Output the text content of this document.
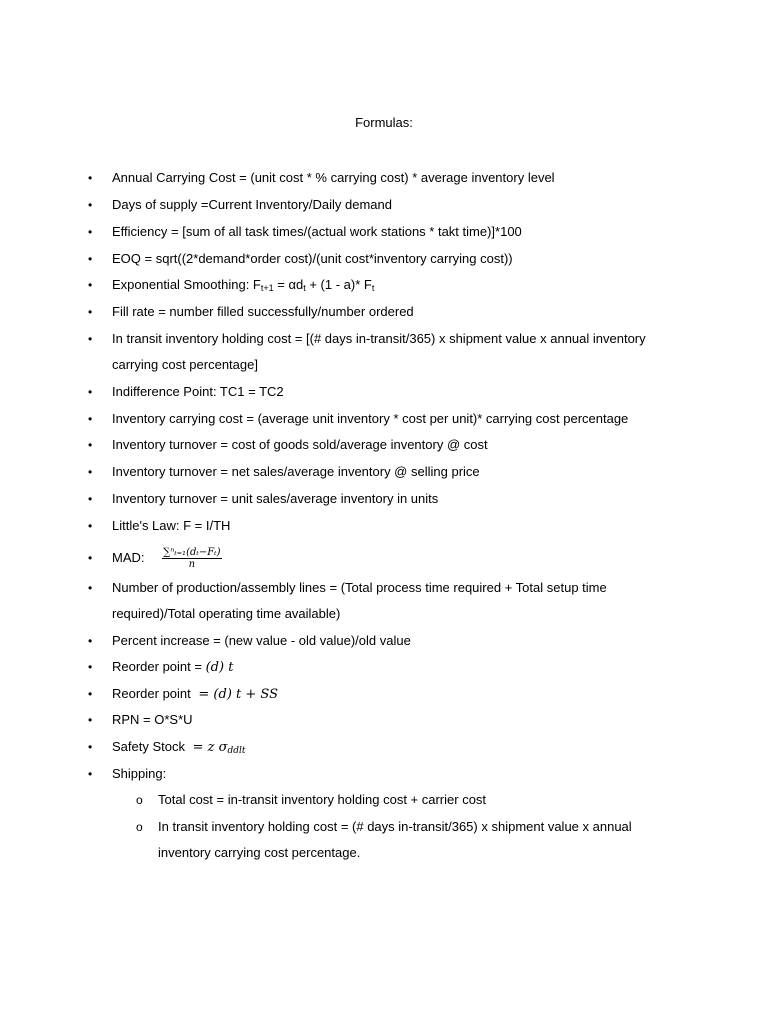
Formulas:
•	Annual Carrying Cost = (unit cost * % carrying cost) * average inventory level
•	Days of supply =Current Inventory/Daily demand
•	Efficiency = [sum of all task times/(actual work stations * takt time)]*100
•	EOQ = sqrt((2*demand*order cost)/(unit cost*inventory carrying cost))
•	Exponential Smoothing: $F_{t+1} = \alpha d_t + (1 - a)*$ $F_t$
•	Fill rate = number filled successfully/number ordered
•	In transit inventory holding cost = [(# days in-transit/365) x shipment value x annual inventory
carrying cost percentage]
•	Indifference Point: TC1 = TC2
•	Inventory carrying cost = (average unit inventory * cost per unit)* carrying cost percentage
•	Inventory turnover = cost of goods sold/average inventory @ cost
•	Inventory turnover = net sales/average inventory @ selling price
•	Inventory turnover = unit sales/average inventory in units
•	Little's Law: F = I/TH
•	MAD: $\frac{\text{∑ⁿₜ₌₁(dₜ−Fₜ)}}{n}$
•	Number of production/assembly lines = (Total process time required + Total setup time
required)/Total operating time available)
•	Percent increase = (new value - old value)/old value
•	Reorder point = (d) t
•	Reorder point = (d) t + SS
•	RPN = O*S*U
•	Safety Stock = z $\sigma_{ddlt}$
•	Shipping:
o Total cost = in-transit inventory holding cost + carrier cost
o In transit inventory holding cost = (# days in-transit/365) x shipment value x annual
inventory carrying cost percentage.
